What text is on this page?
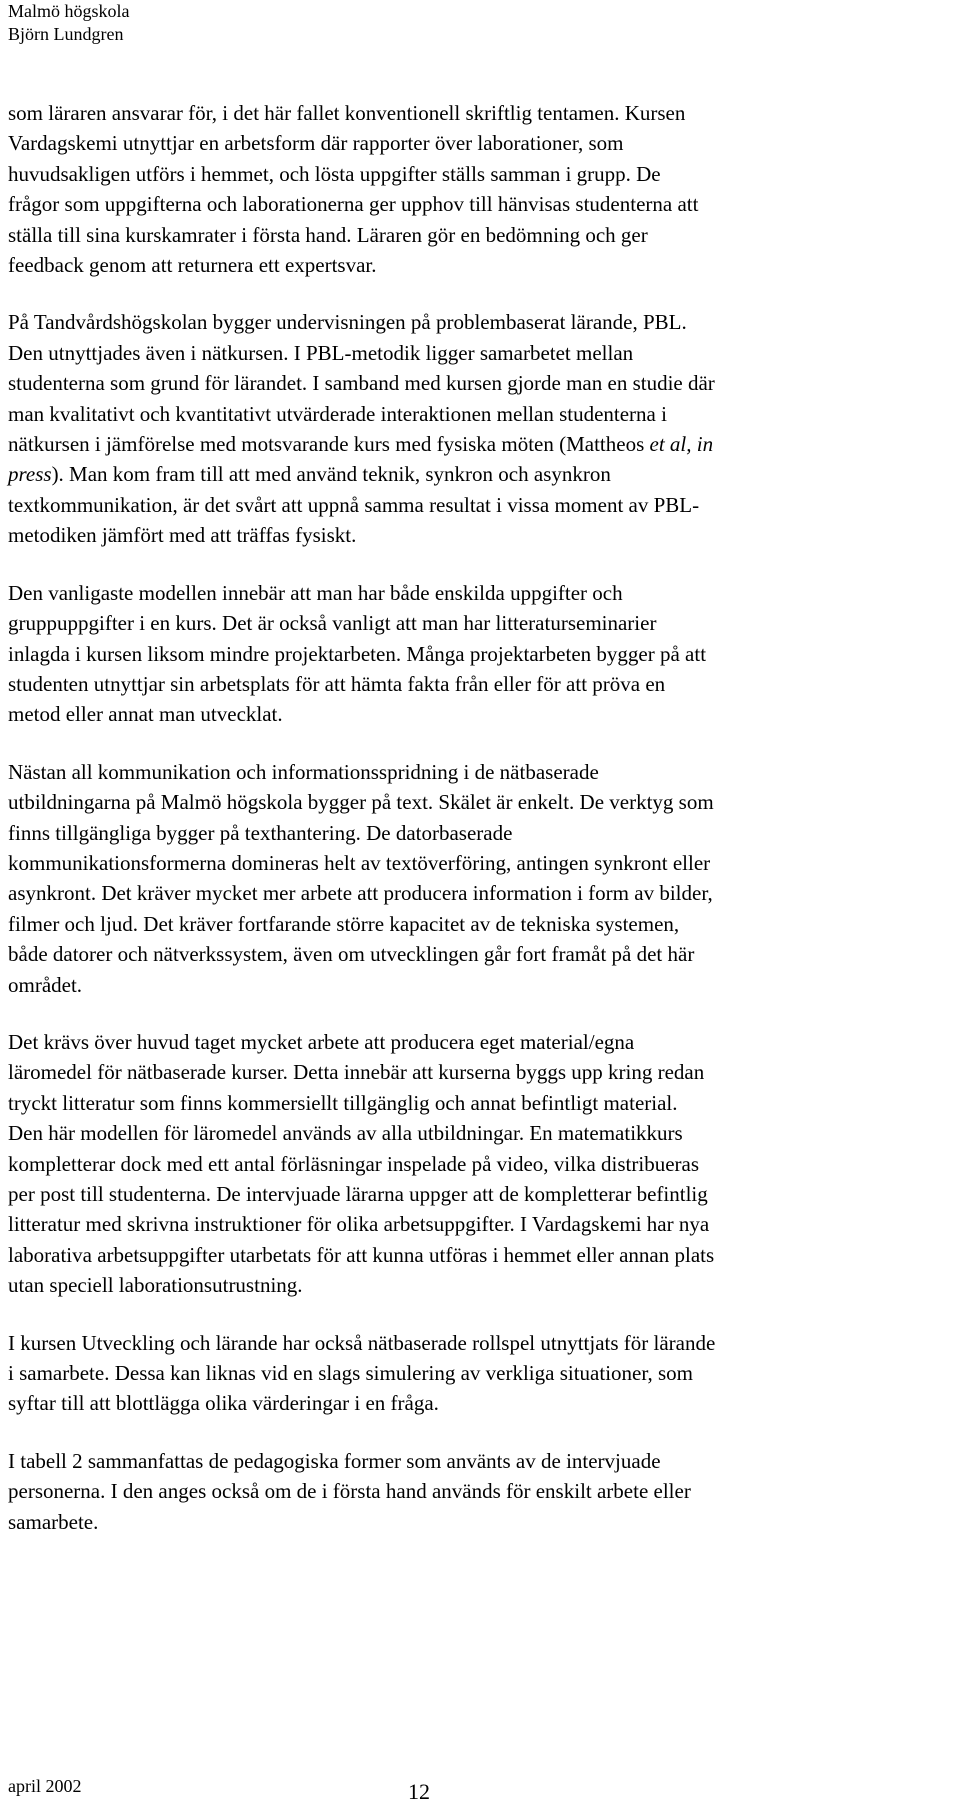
Malmö högskola
Björn Lundgren
som läraren ansvarar för, i det här fallet konventionell skriftlig tentamen. Kursen
Vardagskemi utnyttjar en arbetsform där rapporter över laborationer, som
huvudsakligen utförs i hemmet, och lösta uppgifter ställs samman i grupp. De
frågor som uppgifterna och laborationerna ger upphov till hänvisas studenterna att
ställa till sina kurskamrater i första hand. Läraren gör en bedömning och ger
feedback genom att returnera ett expertsvar.
På Tandvårdshögskolan bygger undervisningen på problembaserat lärande, PBL.
Den utnyttjades även i nätkursen. I PBL-metodik ligger samarbetet mellan
studenterna som grund för lärandet. I samband med kursen gjorde man en studie där
man kvalitativt och kvantitativt utvärderade interaktionen mellan studenterna i
nätkursen i jämförelse med motsvarande kurs med fysiska möten (Mattheos et al, in
press). Man kom fram till att med använd teknik, synkron och asynkron
textkommunikation, är det svårt att uppnå samma resultat i vissa moment av PBL-
metodiken jämfört med att träffas fysiskt.
Den vanligaste modellen innebär att man har både enskilda uppgifter och
gruppuppgifter i en kurs. Det är också vanligt att man har litteraturseminarier
inlagda i kursen liksom mindre projektarbeten. Många projektarbeten bygger på att
studenten utnyttjar sin arbetsplats för att hämta fakta från eller för att pröva en
metod eller annat man utvecklat.
Nästan all kommunikation och informationsspridning i de nätbaserade
utbildningarna på Malmö högskola bygger på text. Skälet är enkelt. De verktyg som
finns tillgängliga bygger på texthantering. De datorbaserade
kommunikationsformerna domineras helt av textöverföring, antingen synkront eller
asynkront. Det kräver mycket mer arbete att producera information i form av bilder,
filmer och ljud. Det kräver fortfarande större kapacitet av de tekniska systemen,
både datorer och nätverkssystem, även om utvecklingen går fort framåt på det här
området.
Det krävs över huvud taget mycket arbete att producera eget material/egna
läromedel för nätbaserade kurser. Detta innebär att kurserna byggs upp kring redan
tryckt litteratur som finns kommersiellt tillgänglig och annat befintligt material.
Den här modellen för läromedel används av alla utbildningar. En matematikkurs
kompletterar dock med ett antal förläsningar inspelade på video, vilka distribueras
per post till studenterna. De intervjuade lärarna uppger att de kompletterar befintlig
litteratur med skrivna instruktioner för olika arbetsuppgifter. I Vardagskemi har nya
laborativa arbetsuppgifter utarbetats för att kunna utföras i hemmet eller annan plats
utan speciell laborationsutrustning.
I kursen Utveckling och lärande har också nätbaserade rollspel utnyttjats för lärande
i samarbete. Dessa kan liknas vid en slags simulering av verkliga situationer, som
syftar till att blottlägga olika värderingar i en fråga.
I tabell 2 sammanfattas de pedagogiska former som använts av de intervjuade
personerna. I den anges också om de i första hand används för enskilt arbete eller
samarbete.
april 2002	12
